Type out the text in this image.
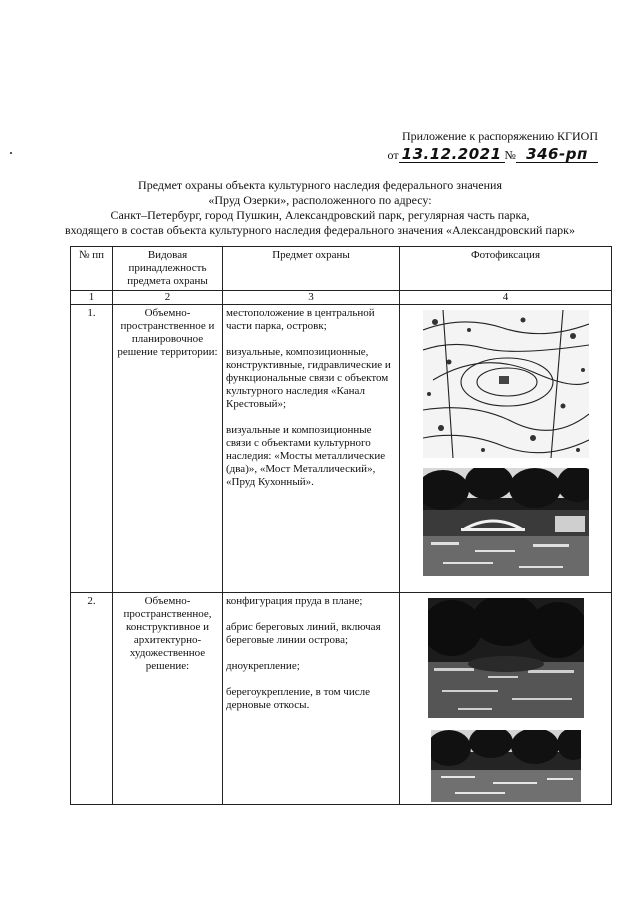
Приложение к распоряжению КГИОП
от 13.12.2021 № 346-рп
Предмет охраны объекта культурного наследия федерального значения
«Пруд Озерки», расположенного по адресу:
Санкт–Петербург, город Пушкин, Александровский парк, регулярная часть парка,
входящего в состав объекта культурного наследия федерального значения «Александровский парк»
№ пп	Видовая принадлежность предмета охраны	Предмет охраны	Фотофиксация
1	2	3	4
1.	Объемно-пространственное и планировочное решение территории:	местоположение в центральной части парка, островк;

визуальные, композиционные, конструктивные, гидравлические и функциональные связи с объектом культурного наследия «Канал Крестовый»;

визуальные и композиционные связи с объектами культурного наследия: «Мосты металлические (два)», «Мост Металлический», «Пруд Кухонный».

2.	Объемно-пространственное, конструктивное и архитектурно-художественное решение:	конфигурация пруда в плане;

абрис береговых линий, включая береговые линии острова;

дноукрепление;

берегоукрепление, в том числе дерновые откосы.
